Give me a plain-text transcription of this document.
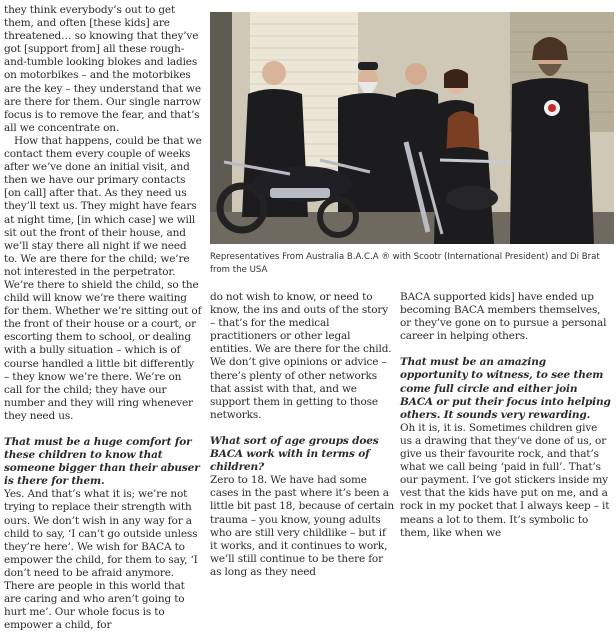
they think everybody’s out to get them, and often [these kids] are threatened… so knowing that they’ve got [support from] all these rough-and-tumble looking blokes and ladies on motorbikes – and the motorbikes are the key – they understand that we are there for them. Our single narrow focus is to remove the fear, and that’s all we concentrate on.

How that happens, could be that we contact them every couple of weeks after we’ve done an initial visit, and then we have our primary contacts [on call] after that. As they need us they’ll text us. They might have fears at night time, [in which case] we will sit out the front of their house, and we’ll stay there all night if we need to. We are there for the child; we’re not interested in the perpetrator. We’re there to shield the child, so the child will know we’re there waiting for them. Whether we’re sitting out of the front of their house or a court, or escorting them to school, or dealing with a bully situation – which is of course handled a little bit differently – they know we’re there. We’re on call for the child; they have our number and they will ring whenever they need us.

That must be a huge comfort for these children to know that someone bigger than their abuser is there for them.

Yes. And that’s what it is; we’re not trying to replace their strength with ours. We don’t wish in any way for a child to say, ‘I can’t go outside unless they’re here’. We wish for BACA to empower the child, for them to say, ‘I don’t need to be afraid anymore. There are people in this world that are caring and who aren’t going to hurt me’. Our whole focus is to empower a child, for

Representatives From Australia B.A.C.A ® with Scootr (International President) and Di Brat from the USA

do not wish to know, or need to know, the ins and outs of the story – that’s for the medical practitioners or other legal entities. We are there for the child. We don’t give opinions or advice – there’s plenty of other networks that assist with that, and we support them in getting to those networks.

What sort of age groups does BACA work with in terms of children?

Zero to 18. We have had some cases in the past where it’s been a little bit past 18, because of certain trauma – you know, young adults who are still very childlike – but if it works, and it continues to work, we’ll still continue to be there for as long as they need

BACA supported kids] have ended up becoming BACA members themselves, or they’ve gone on to pursue a personal career in helping others.

That must be an amazing opportunity to witness, to see them come full circle and either join BACA or put their focus into helping others. It sounds very rewarding.

Oh it is, it is. Sometimes children give us a drawing that they’ve done of us, or give us their favourite rock, and that’s what we call being ‘paid in full’. That’s our payment. I’ve got stickers inside my vest that the kids have put on me, and a rock in my pocket that I always keep – it means a lot to them. It’s symbolic to them, like when we
